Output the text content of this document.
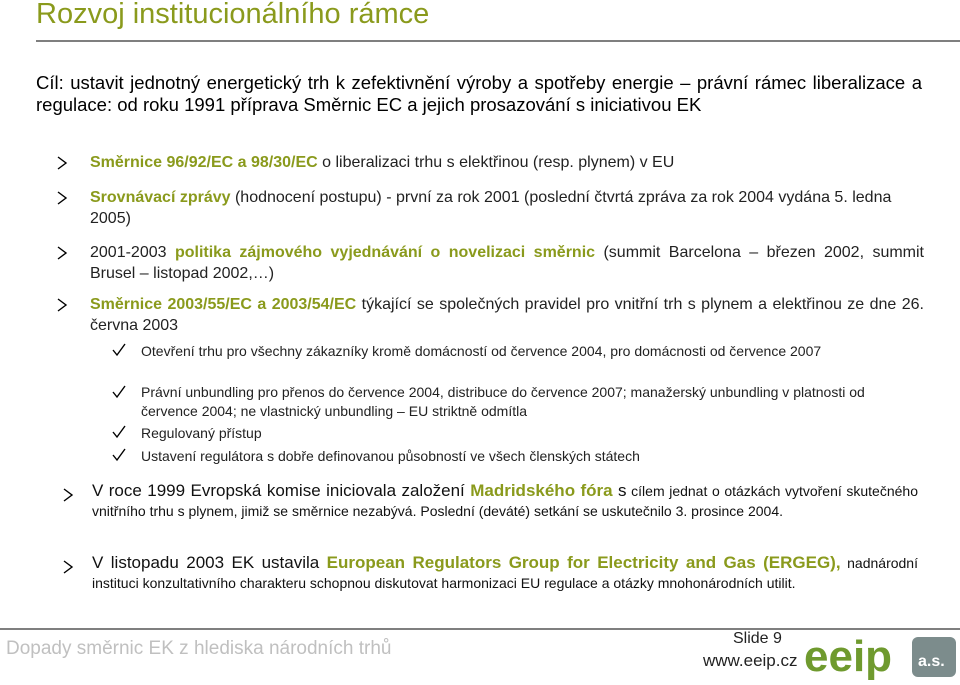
Rozvoj institucionálního rámce
Cíl: ustavit jednotný energetický trh k zefektivnění výroby a spotřeby energie – právní rámec liberalizace a regulace: od roku 1991 příprava Směrnic EC a jejich prosazování s iniciativou EK
Směrnice 96/92/EC a 98/30/EC o liberalizaci trhu s elektřinou (resp. plynem) v EU
Srovnávací zprávy (hodnocení postupu) - první za rok 2001 (poslední čtvrtá zpráva za rok 2004 vydána 5. ledna 2005)
2001-2003 politika zájmového vyjednávání o novelizaci směrnic (summit Barcelona – březen 2002, summit Brusel – listopad 2002,…)
Směrnice 2003/55/EC a 2003/54/EC týkající se společných pravidel pro vnitřní trh s plynem a elektřinou ze dne 26. června 2003
Otevření trhu pro všechny zákazníky kromě domácností od července 2004, pro domácnosti od července 2007
Právní unbundling pro přenos do července 2004, distribuce do července 2007; manažerský unbundling v platnosti od července 2004; ne vlastnický unbundling – EU striktně odmítla
Regulovaný přístup
Ustavení regulátora s dobře definovanou působností ve všech členských státech
V roce 1999 Evropská komise iniciovala založení Madridského fóra s cílem jednat o otázkách vytvoření skutečného vnitřního trhu s plynem, jimiž se směrnice nezabývá. Poslední (deváté) setkání se uskutečnilo 3. prosince 2004.
V listopadu 2003 EK ustavila European Regulators Group for Electricity and Gas (ERGEG), nadnárodní instituci konzultativního charakteru schopnou diskutovat harmonizaci EU regulace a otázky mnohonárodních utilit.
Dopady směrnic EK z hlediska národních trhů	Slide 9
www.eeip.cz eeip a.s.
